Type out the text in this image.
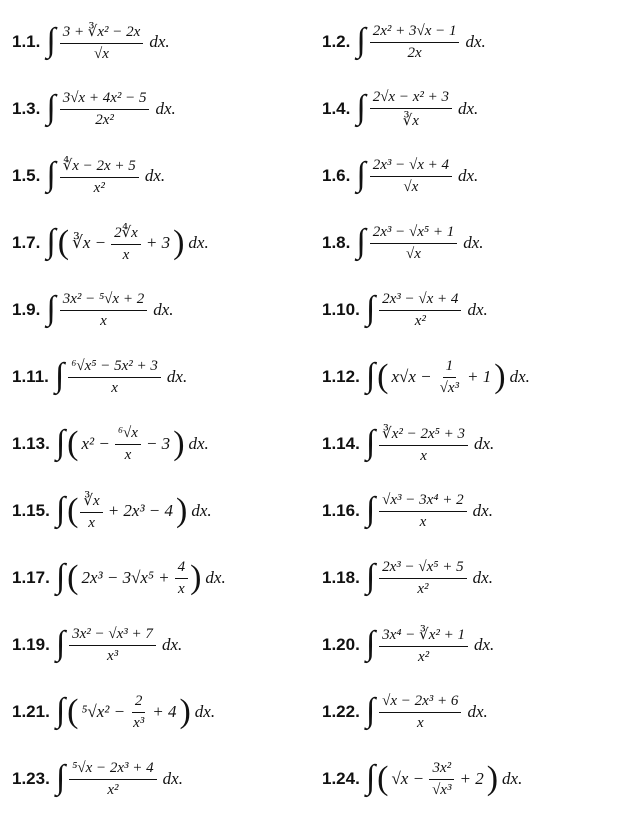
1.1. ∫ $\frac{\text{3 + ∛x² − 2x}}{√x}$ dx.	1.2. ∫ $\frac{\text{2x² + 3√x − 1}}{2x}$ dx.
1.3. ∫ $\frac{\text{3√x + 4x² − 5}}{\text{2x²}}$ dx.	1.4. ∫ $\frac{\text{2√x − x² + 3}}{∛x}$ dx.
1.5. ∫ $\frac{∜x - 2x + 5}{\text{x²}}$ dx.	1.6. ∫ $\frac{\text{2x³ − √x + 4}}{√x}$ dx.
1.7. ∫ ( ∛x − $\frac{2∜x}{x} + 3$ ) dx.	1.8. ∫ $\frac{\text{2x³ − √x⁵ + 1}}{√x}$ dx.
1.9. ∫ $\frac{\text{3x² − ⁵√x + 2}}{x}$ dx.	1.10. ∫ $\frac{\text{2x³ − √x + 4}}{\text{x²}}$ dx.
1.11. ∫ $\frac{\text{⁶√x⁵ − 5x² + 3}}{x}$ dx.	1.12. ∫ ( $x√x - \frac{1}{\text{√x³}} + 1$ ) dx.
1.13. ∫ ( $x^2 - \frac{\text{⁶√x}}{x} - 3$ ) dx.	1.14. ∫ $\frac{\text{∛x² − 2x⁵ + 3}}{x}$ dx.
1.15. ∫ ( $\frac{∛x}{x} + 2x^3 - 4$ ) dx.	1.16. ∫ $\frac{\text{√x³ − 3x⁴ + 2}}{x}$ dx.
1.17. ∫ ( $2x^3 - 3√x^5 + \frac{4}{x}$ ) dx.	1.18. ∫ $\frac{\text{2x³ − √x⁵ + 5}}{\text{x²}}$ dx.
1.19. ∫ $\frac{\text{3x² − √x³ + 7}}{\text{x³}}$ dx.	1.20. ∫ $\frac{\text{3x⁴ − ∛x² + 1}}{\text{x²}}$ dx.
1.21. ∫ ( $^5√x^2 - \frac{2}{\text{x³}} + 4$ ) dx.	1.22. ∫ $\frac{\text{√x − 2x³ + 6}}{x}$ dx.
1.23. ∫ $\frac{\text{⁵√x − 2x³ + 4}}{\text{x²}}$ dx.	1.24. ∫ ( $√x - \frac{\text{3x²}}{\text{√x³}} + 2$ ) dx.
